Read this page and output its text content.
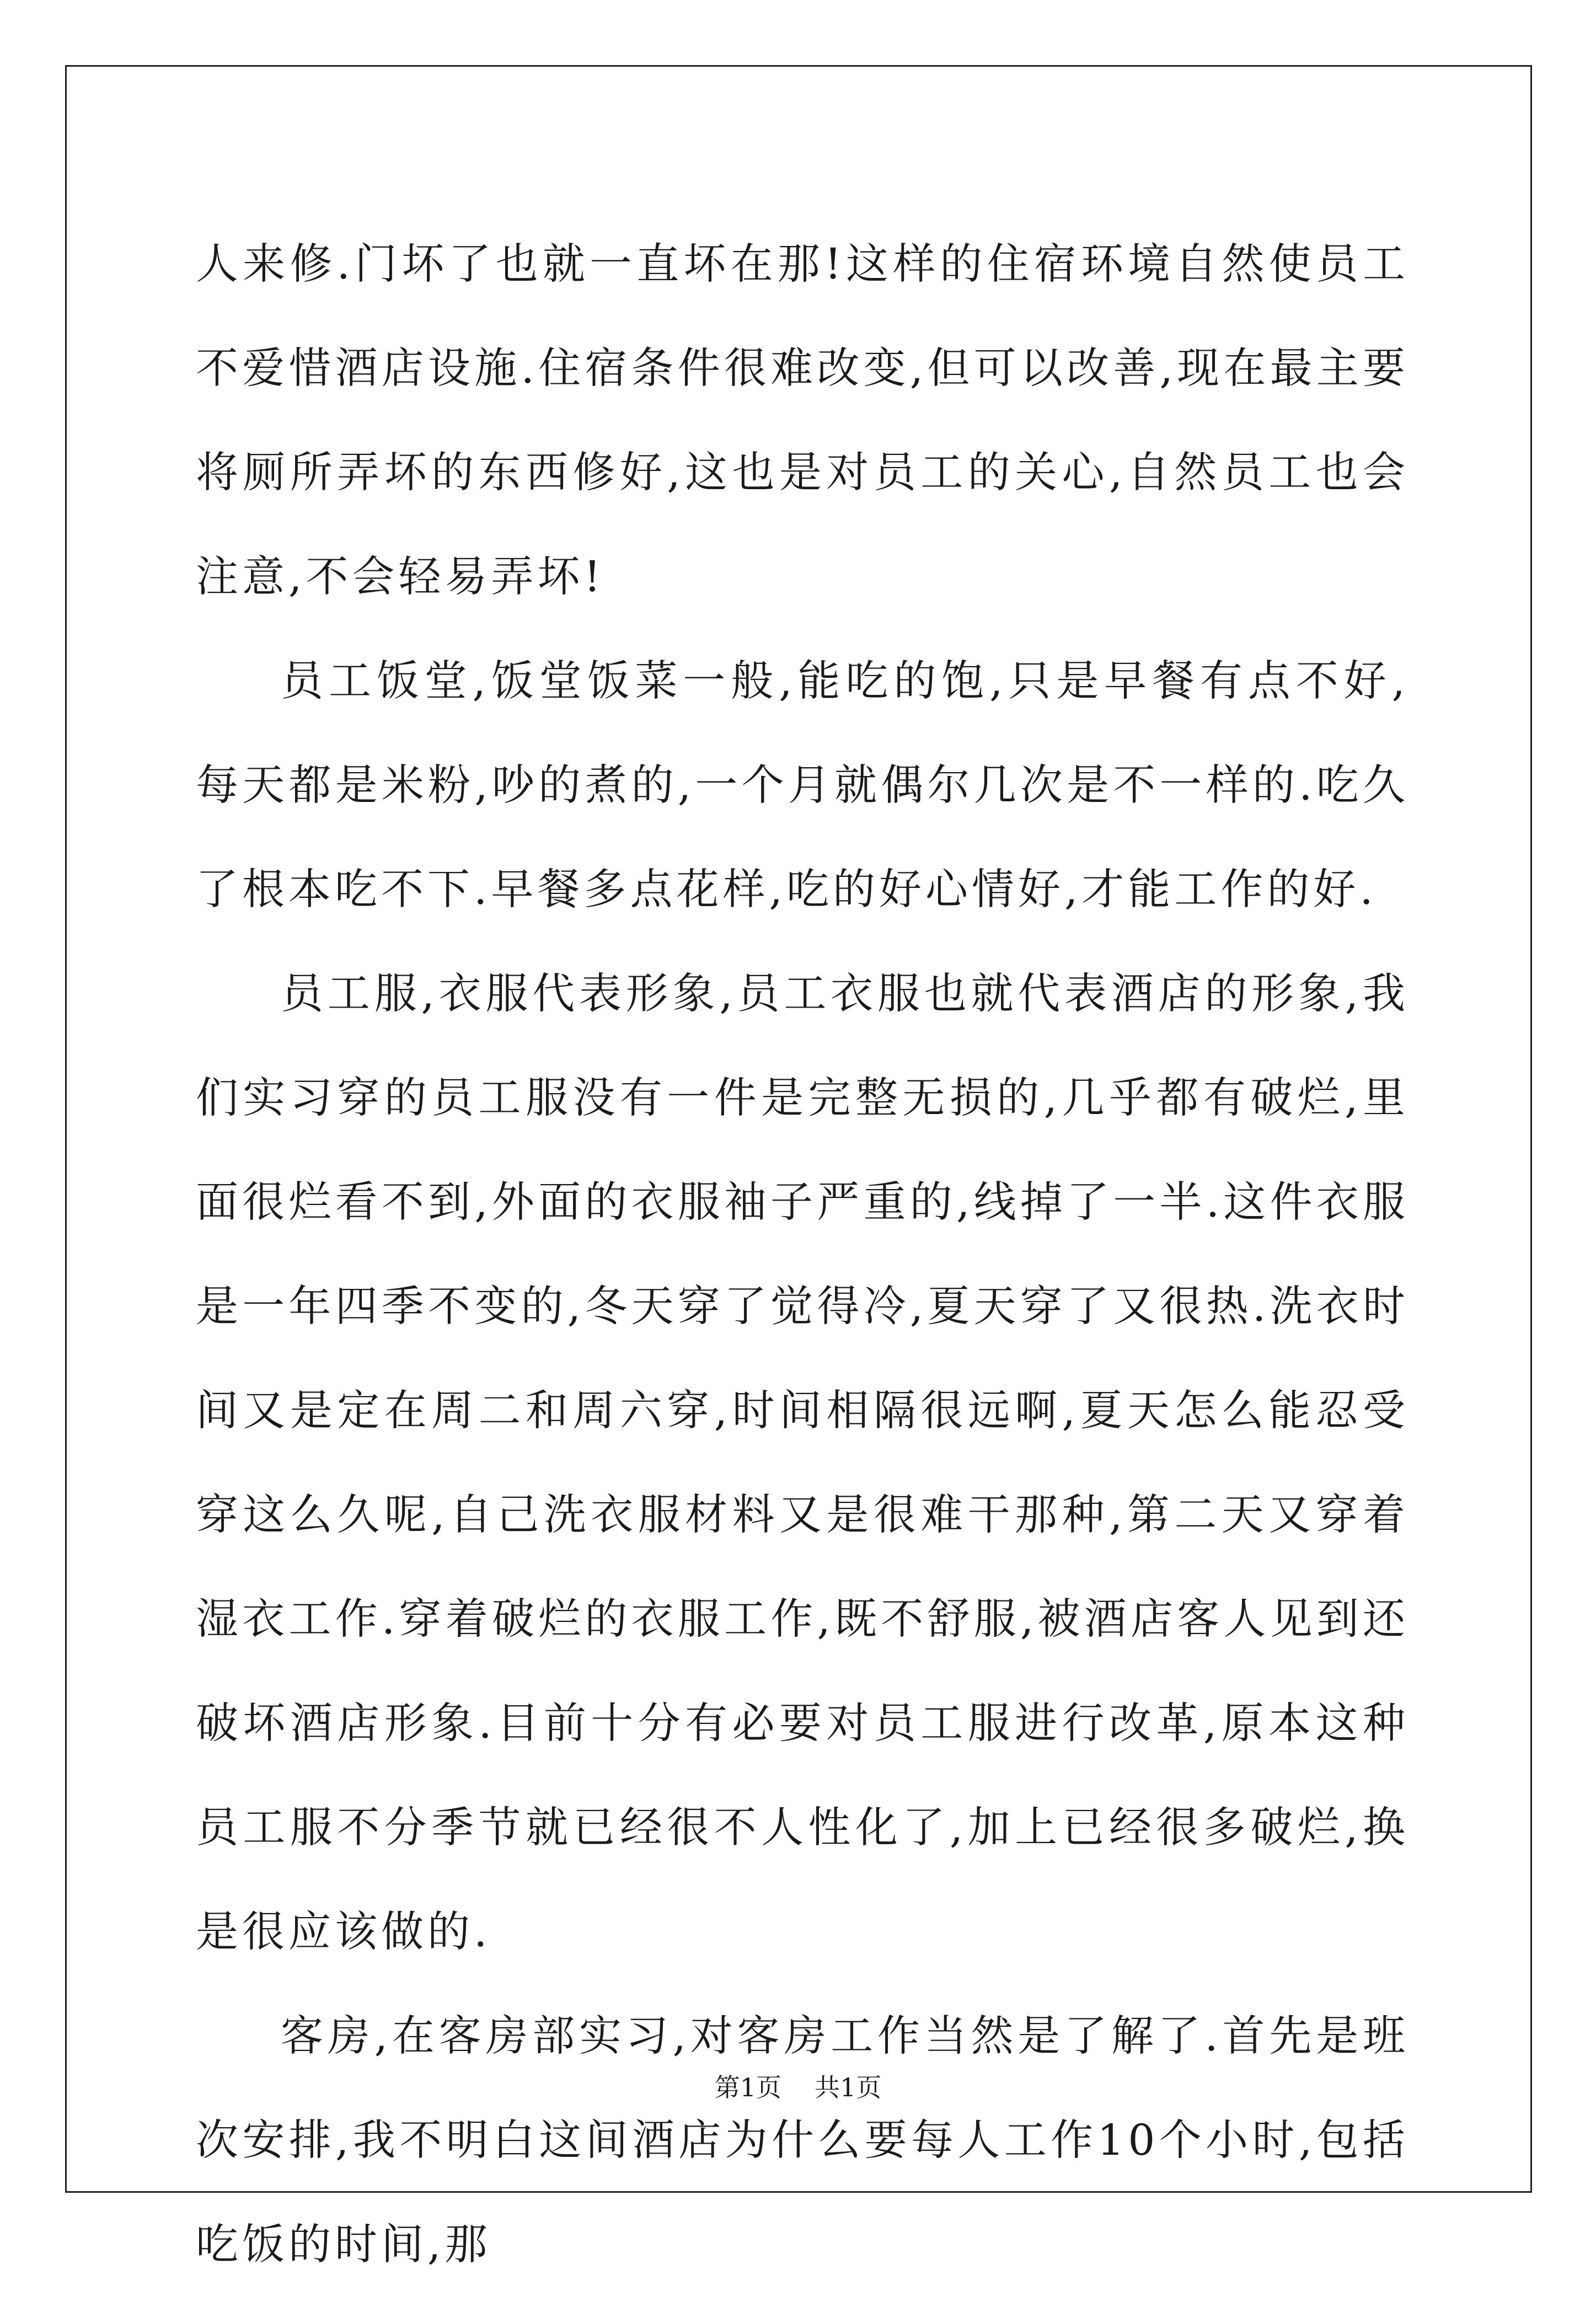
人来修.门坏了也就一直坏在那!这样的住宿环境自然使员工不爱惜酒店设施.住宿条件很难改变,但可以改善,现在最主要将厕所弄坏的东西修好,这也是对员工的关心,自然员工也会注意,不会轻易弄坏!

员工饭堂,饭堂饭菜一般,能吃的饱,只是早餐有点不好,每天都是米粉,吵的煮的,一个月就偶尔几次是不一样的.吃久了根本吃不下.早餐多点花样,吃的好心情好,才能工作的好.

员工服,衣服代表形象,员工衣服也就代表酒店的形象,我们实习穿的员工服没有一件是完整无损的,几乎都有破烂,里面很烂看不到,外面的衣服袖子严重的,线掉了一半.这件衣服是一年四季不变的,冬天穿了觉得冷,夏天穿了又很热.洗衣时间又是定在周二和周六穿,时间相隔很远啊,夏天怎么能忍受穿这么久呢,自己洗衣服材料又是很难干那种,第二天又穿着湿衣工作.穿着破烂的衣服工作,既不舒服,被酒店客人见到还破坏酒店形象.目前十分有必要对员工服进行改革,原本这种员工服不分季节就已经很不人性化了,加上已经很多破烂,换是很应该做的.

客房,在客房部实习,对客房工作当然是了解了.首先是班次安排,我不明白这间酒店为什么要每人工作10个小时,包括吃饭的时间,那

第1页 共1页
